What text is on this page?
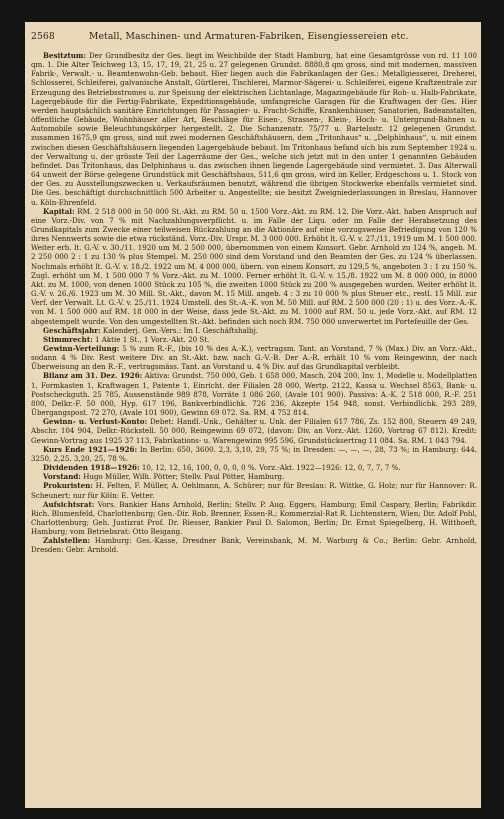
2568	Metall, Maschinen- und Armaturen-Fabriken, Eisengiessereien etc.

Besitztum: Der Grundbesitz der Ges. liegt im Weichbilde der Stadt Hamburg, hat eine Gesamtgrösse von rd. 11 100 qm. 1. Die Alter Teichweg 13, 15, 17, 19, 21, 25 u. 27 gelegenen Grundst. 8880,8 qm gross, sind mit modernen, massiven Fabrik-, Verwalt.- u. Beamtenwohn-Geb. bebaut. Hier liegen auch die Fabrikanlagen der Ges.: Metallgiesserei, Dreherei, Schlosserei, Schleiferei, galvanische Anstalt, Gürtlerei, Tischlerei, Marmor-Sägerei- u. Schleiferei, eigene Kraftzentrale zur Erzeugung des Betriebsstromes u. zur Speisung der elektrischen Lichtanlage, Magazingebäude für Roh- u. Halb-Fabrikate, Lagergebäude für die Fertig-Fabrikate, Expeditionsgebäude, umfangreiche Garagen für die Kraftwagen der Ges. Hier werden hauptsächlich sanitäre Einrichtungen für Passagier- u. Fracht-Schiffe, Krankenhäuser, Sanatorien, Badeanstalten, öffentliche Gebäude, Wohnhäuser aller Art, Beschläge für Eisen-, Strassen-, Klein-, Hoch- u. Untergrund-Bahnen u. Automobile sowie Beleuchtungskörper hergestellt. 2. Die Schanzenstr. 75/77 u. Bartelsstr. 12 gelegenen Grundst. zusammen 1675,9 qm gross, sind mit zwei modernen Geschäftshäusern, dem „Tritonhaus“ u. „Delphinhaus“, u. mit einem zwischen diesen Geschäftshäusern liegenden Lagergebäude bebaut. Im Tritonhaus befand sich bis zum September 1924 u. der Verwaltung u. der grösste Teil der Lagerräume der Ges., welche sich jetzt mit in den unter 1 genannten Gebäuden befindet. Das Tritonhaus, das Delphinhaus u. das zwischen ihnen liegende Lagergebäude sind vermietet. 3. Das Alterwall 64 unweit der Börse gelegene Grundstück mit Geschäftshaus, 511,6 qm gross, wird im Keller, Erdgeschoss u. 1. Stock von der Ges. zu Ausstellungszwecken u. Verkaufsräumen benutzt, während die übrigen Stockwerke ebenfalls vermietet sind. Die Ges. beschäftigt durchschnittlich 500 Arbeiter u. Angestellte; sie besitzt Zweigniederlassungen in Breslau, Hannover u. Köln-Ehrenfeld.

Kapital: RM. 2 518 000 in 50 000 St.-Akt. zu RM. 50 u. 1500 Vorz.-Akt. zu RM. 12. Die Vorz.-Akt. haben Anspruch auf eine Vorz.-Div. von 7 % mit Nachzahlungsverpflicht. u. im Falle der Liqu. oder im Falle der Herabsetzung des Grundkapitals zum Zwecke einer teilweisen Rückzahlung an die Aktionäre auf eine vorzugsweise Befriedigung von 120 % ihres Nennwerts sowie die etwa rückständ. Vorz.-Div. Urspr. M. 3 000 000. Erhöht lt. G.-V. v. 27./11. 1919 um M. 1 500 000. Weiter erh. lt. G.-V. v. 30./11. 1920 um M. 2 500 000, übernommen von einem Konsort. Gebr. Arnhold zu 124 %, angeb. M. 2 250 000 2 : 1 zu 130 % plus Stempel. M. 250 000 sind dem Vorstand und den Beamten der Ges. zu 124 % überlassen. Nochmals erhöht lt. G.-V. v. 18./2. 1922 um M. 4 000 000, übern. von einem Konsort. zu 129,5 %, angeboten 3 : 1 zu 150 %. Zugl. erhöht um M. 1 500 000 7 % Vorz.-Akt. zu M. 1000. Ferner erhöht lt. G.-V. v. 15./8. 1922 um M. 8 000 000, in 8000 Akt. zu M. 1000, von denen 1000 Stück zu 105 %, die zweiten 1000 Stück zu 200 % ausgegeben wurden. Weiter erhöht lt. G.-V. v. 26./6. 1923 um M. 30 Mill. St.-Akt., davon M. 15 Mill. angeb. 4 : 3 zu 10 000 % plus Steuer etc., restl. 15 Mill. zur Verf. der Verwalt. Lt. G.-V. v. 25./11. 1924 Umstell. des St.-A.-K. von M. 50 Mill. auf RM. 2 500 000 (20 : 1) u. des Vorz.-A.-K. von M. 1 500 000 auf RM. 18 000 in der Weise, dass jede St.-Akt. zu M. 1000 auf RM. 50 u. jede Vorz.-Akt. auf RM. 12 abgestempelt wurde. Von den umgestellten St.-Akt. befinden sich noch RM. 750 000 unverwertet im Portefeuille der Ges.

Geschäftsjahr: Kalenderj. Gen.-Vers.: Im I. Geschäftshalbj.

Stimmrecht: 1 Aktie 1 St., 1 Vorz.-Akt. 20 St.

Gewinn-Verteilung: 5 % zum R.-F., (bis 10 % des A.-K.), vertragsm. Tant. an Vorstand, 7 % (Max.) Div. an Vorz.-Akt., sodann 4 % Div. Rest weitere Div. an St.-Akt. bzw. nach G.-V.-B. Der A.-R. erhält 10 % vom Reingewinn, der nach Überweisung an den R.-F., vertragsmäss. Tant. an Vorstand u. 4 % Div. auf das Grundkapital verbleibt.

Bilanz am 31. Dez. 1926: Aktiva: Grundst. 750 000, Geb. 1 658 000, Masch. 204 200, Inv. 1, Modelle u. Modellplatten 1, Formkasten 1, Kraftwagen 1, Patente 1, Einricht. der Filialen 28 000, Wertp. 2122, Kassa u. Wechsel 8563, Bank- u. Postscheckguth. 25 785, Aussenstände 989 878, Vorräte 1 086 260, (Avale 101 900). Passiva: A.-K. 2 518 000, R.-F. 251 800, Delkr.-F. 50 000, Hyp. 617 196, Bankverbindlichk. 726 236, Akzepte 154 948, sonst. Verbindlichk. 293 289, Übergangspost. 72 270, (Avale 101 900), Gewinn 69 072. Sa. RM. 4 752 814.

Gewinn- u. Verlust-Konto: Debet: Handl.-Unk., Gehälter u. Unk. der Filialen 617 786, Zs. 152 800, Steuern 49 249, Abschr. 104 904, Delkr.-Rückstell. 50 000, Reingewinn 69 072, (davon: Div. an Vorz.-Akt. 1260, Vortrag 67 812). Kredit: Gewinn-Vortrag aus 1925 37 113, Fabrikations- u. Warengewinn 995 596, Grundstücksertrag 11 084. Sa. RM. 1 043 794.

Kurs Ende 1921—1926: In Berlin: 650, 3600. 2,3, 3,10, 29, 75 %; in Dresden: —, —, —, 28, 73 %; in Hamburg: 644, 3250, 2,25. 3,20, 25, 78 %.

Dividenden 1918—1926: 10, 12, 12, 16, 100, 0, 0, 0, 0 %. Vorz.-Akt. 1922—1926: 12, 0, 7, 7, 7 %.

Vorstand: Hugo Müller, Wilh. Pötter; Stellv. Paul Pötter, Hamburg.

Prokuristen: H. Felten, F. Müller, A. Oehlmann, A. Schürer; nur für Breslau: R. Wittke, G. Holz; nur für Hannover: R. Scheunert; nur für Köln: E. Vetter.

Aufsichtsrat: Vors. Bankier Hans Arnhold, Berlin; Stellv. P. Aug. Eggers, Hamburg; Emil Caspary, Berlin; Fabrikdir. Rich. Blumenfeld, Charlottenburg; Gen.-Dir. Rob. Brenner, Essen-R.; Kommerzial-Rat R. Lichtenstern, Wien; Dir. Adolf Pohl, Charlottenburg; Geh. Justizrat Prof. Dr. Riesser, Bankier Paul D. Salomon, Berlin; Dr. Ernst Spiegelberg, H. Witthoeft, Hamburg; vom Betriebsrat: Otto Beigang.

Zahlstellen: Hamburg: Ges.-Kasse, Dresdner Bank, Vereinsbank, M. M. Warburg & Co.; Berlin: Gebr. Arnhold, Dresden: Gebr. Arnhold.
